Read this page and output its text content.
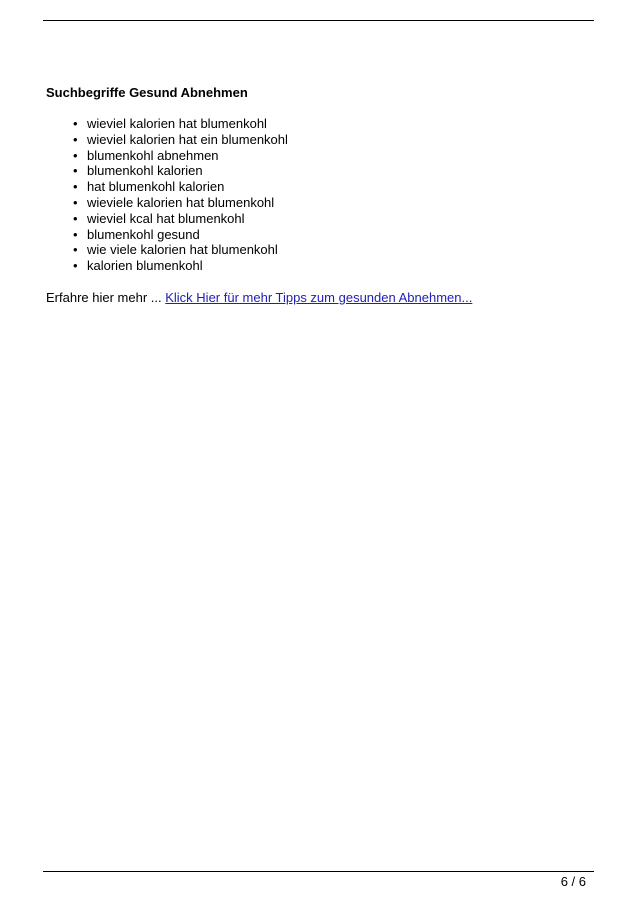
Suchbegriffe Gesund Abnehmen

• wieviel kalorien hat blumenkohl
• wieviel kalorien hat ein blumenkohl
• blumenkohl abnehmen
• blumenkohl kalorien
• hat blumenkohl kalorien
• wieviele kalorien hat blumenkohl
• wieviel kcal hat blumenkohl
• blumenkohl gesund
• wie viele kalorien hat blumenkohl
• kalorien blumenkohl

Erfahre hier mehr ... Klick Hier für mehr Tipps zum gesunden Abnehmen...

6 / 6
